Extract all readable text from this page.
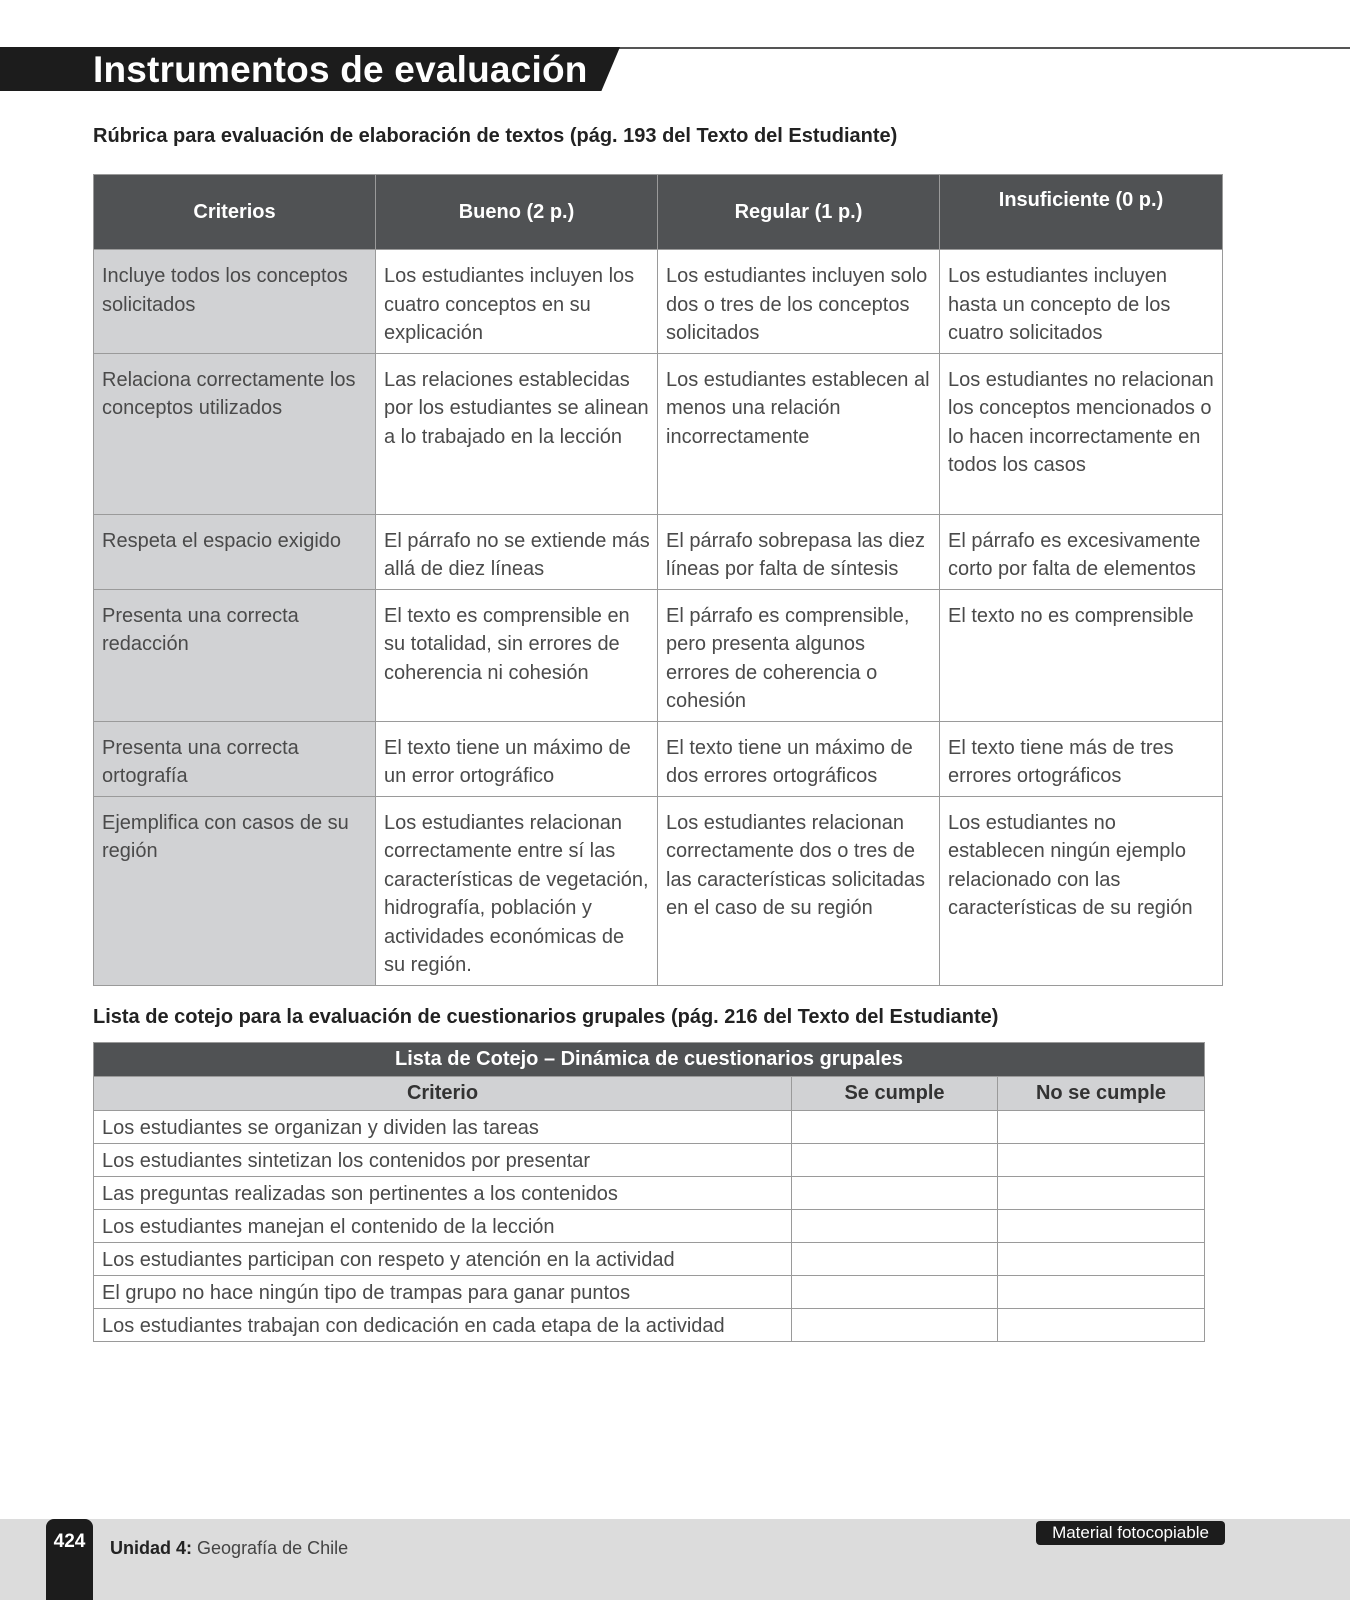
Instrumentos de evaluación
Rúbrica para evaluación de elaboración de textos (pág. 193 del Texto del Estudiante)
Criterios	Bueno (2 p.)	Regular (1 p.)	Insuficiente (0 p.)
Incluye todos los conceptos solicitados	Los estudiantes incluyen los cuatro conceptos en su explicación	Los estudiantes incluyen solo dos o tres de los conceptos solicitados	Los estudiantes incluyen hasta un concepto de los cuatro solicitados
Relaciona correctamente los conceptos utilizados	Las relaciones establecidas por los estudiantes se alinean a lo trabajado en la lección	Los estudiantes establecen al menos una relación incorrectamente	Los estudiantes no relacionan los conceptos mencionados o lo hacen incorrectamente en todos los casos
Respeta el espacio exigido	El párrafo no se extiende más allá de diez líneas	El párrafo sobrepasa las diez líneas por falta de síntesis	El párrafo es excesivamente corto por falta de elementos
Presenta una correcta redacción	El texto es comprensible en su totalidad, sin errores de coherencia ni cohesión	El párrafo es comprensible, pero presenta algunos errores de coherencia o cohesión	El texto no es comprensible
Presenta una correcta ortografía	El texto tiene un máximo de un error ortográfico	El texto tiene un máximo de dos errores ortográficos	El texto tiene más de tres errores ortográficos
Ejemplifica con casos de su región	Los estudiantes relacionan correctamente entre sí las características de vegetación, hidrografía, población y actividades económicas de su región.	Los estudiantes relacionan correctamente dos o tres de las características solicitadas en el caso de su región	Los estudiantes no establecen ningún ejemplo relacionado con las características de su región
Lista de cotejo para la evaluación de cuestionarios grupales (pág. 216 del Texto del Estudiante)
Lista de Cotejo – Dinámica de cuestionarios grupales		
Criterio	Se cumple	No se cumple
Los estudiantes se organizan y dividen las tareas		
Los estudiantes sintetizan los contenidos por presentar		
Las preguntas realizadas son pertinentes a los contenidos		
Los estudiantes manejan el contenido de la lección		
Los estudiantes participan con respeto y atención en la actividad		
El grupo no hace ningún tipo de trampas para ganar puntos		
Los estudiantes trabajan con dedicación en cada etapa de la actividad		
424	Unidad 4: Geografía de Chile
Material fotocopiable
